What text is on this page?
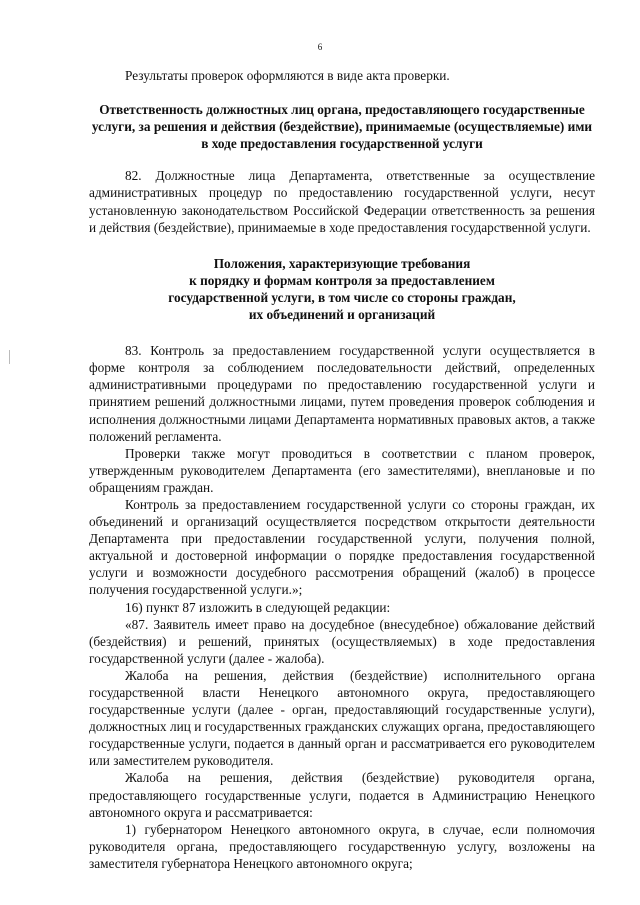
6

Результаты проверок оформляются в виде акта проверки.

Ответственность должностных лиц органа, предоставляющего государственные услуги, за решения и действия (бездействие), принимаемые (осуществляемые) ими в ходе предоставления государственной услуги

82. Должностные лица Департамента, ответственные за осуществление административных процедур по предоставлению государственной услуги, несут установленную законодательством Российской Федерации ответственность за решения и действия (бездействие), принимаемые в ходе предоставления государственной услуги.

Положения, характеризующие требования
к порядку и формам контроля за предоставлением
государственной услуги, в том числе со стороны граждан,
их объединений и организаций

83. Контроль за предоставлением государственной услуги осуществляется в форме контроля за соблюдением последовательности действий, определенных административными процедурами по предоставлению государственной услуги и принятием решений должностными лицами, путем проведения проверок соблюдения и исполнения должностными лицами Департамента нормативных правовых актов, а также положений регламента.

Проверки также могут проводиться в соответствии с планом проверок, утвержденным руководителем Департамента (его заместителями), внеплановые и по обращениям граждан.

Контроль за предоставлением государственной услуги со стороны граждан, их объединений и организаций осуществляется посредством открытости деятельности Департамента при предоставлении государственной услуги, получения полной, актуальной и достоверной информации о порядке предоставления государственной услуги и возможности досудебного рассмотрения обращений (жалоб) в процессе получения государственной услуги.»;

16) пункт 87 изложить в следующей редакции:

«87. Заявитель имеет право на досудебное (внесудебное) обжалование действий (бездействия) и решений, принятых (осуществляемых) в ходе предоставления государственной услуги (далее - жалоба).

Жалоба на решения, действия (бездействие) исполнительного органа государственной власти Ненецкого автономного округа, предоставляющего государственные услуги (далее - орган, предоставляющий государственные услуги), должностных лиц и государственных гражданских служащих органа, предоставляющего государственные услуги, подается в данный орган и рассматривается его руководителем или заместителем руководителя.

Жалоба на решения, действия (бездействие) руководителя органа, предоставляющего государственные услуги, подается в Администрацию Ненецкого автономного округа и рассматривается:

1) губернатором Ненецкого автономного округа, в случае, если полномочия руководителя органа, предоставляющего государственную услугу, возложены на заместителя губернатора Ненецкого автономного округа;
